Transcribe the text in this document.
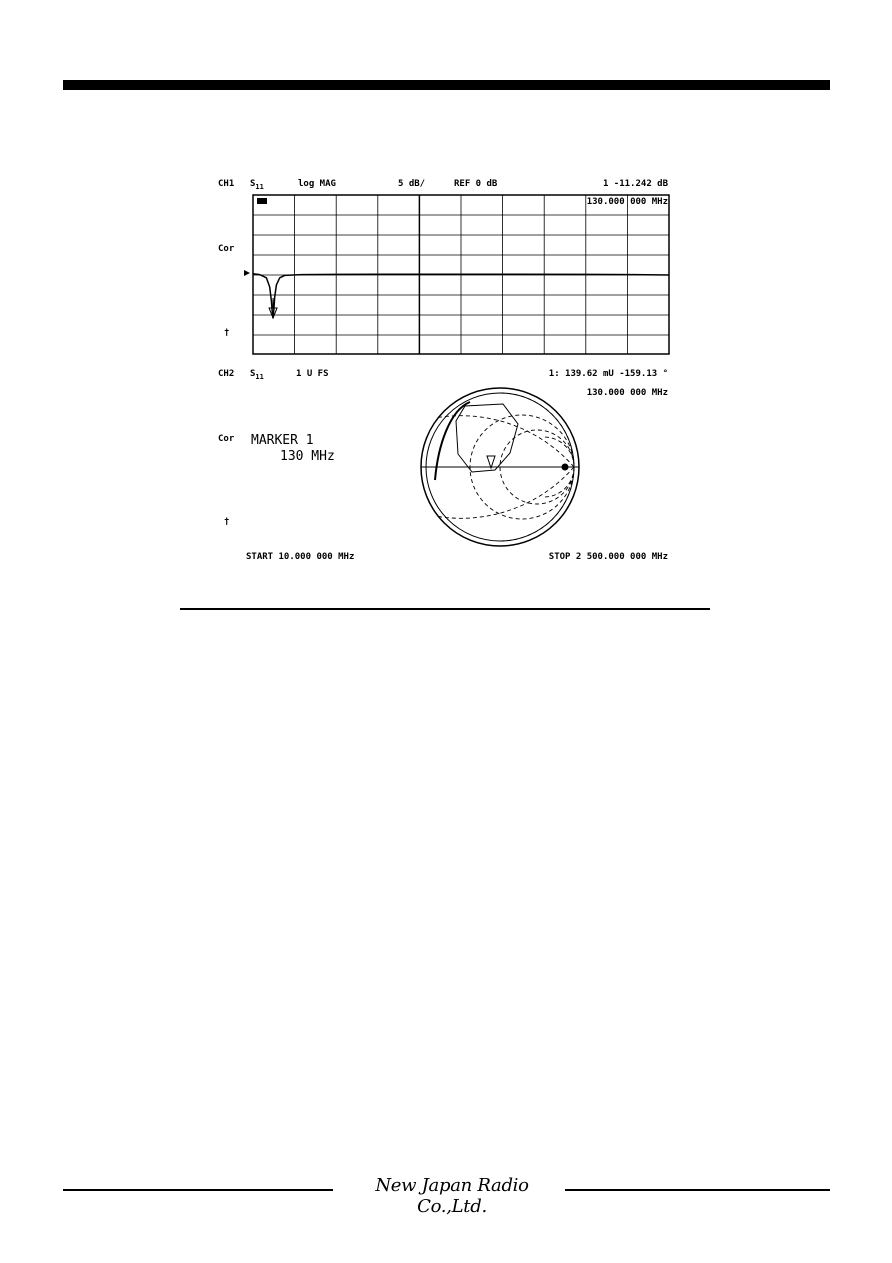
CH1 $S_{11}$	log MAG	5 dB/	REF 0 dB	1 -11.242 dB
130.000 000 MHz
Cor
†
CH2 $S_{11}$	1 U FS	1: 139.62 mU -159.13 °
130.000 000 MHz
Cor
†
MARKER 1
130 MHz
START 10.000 000 MHz	STOP 2 500.000 000 MHz
New Japan Radio Co.,Ltd.
